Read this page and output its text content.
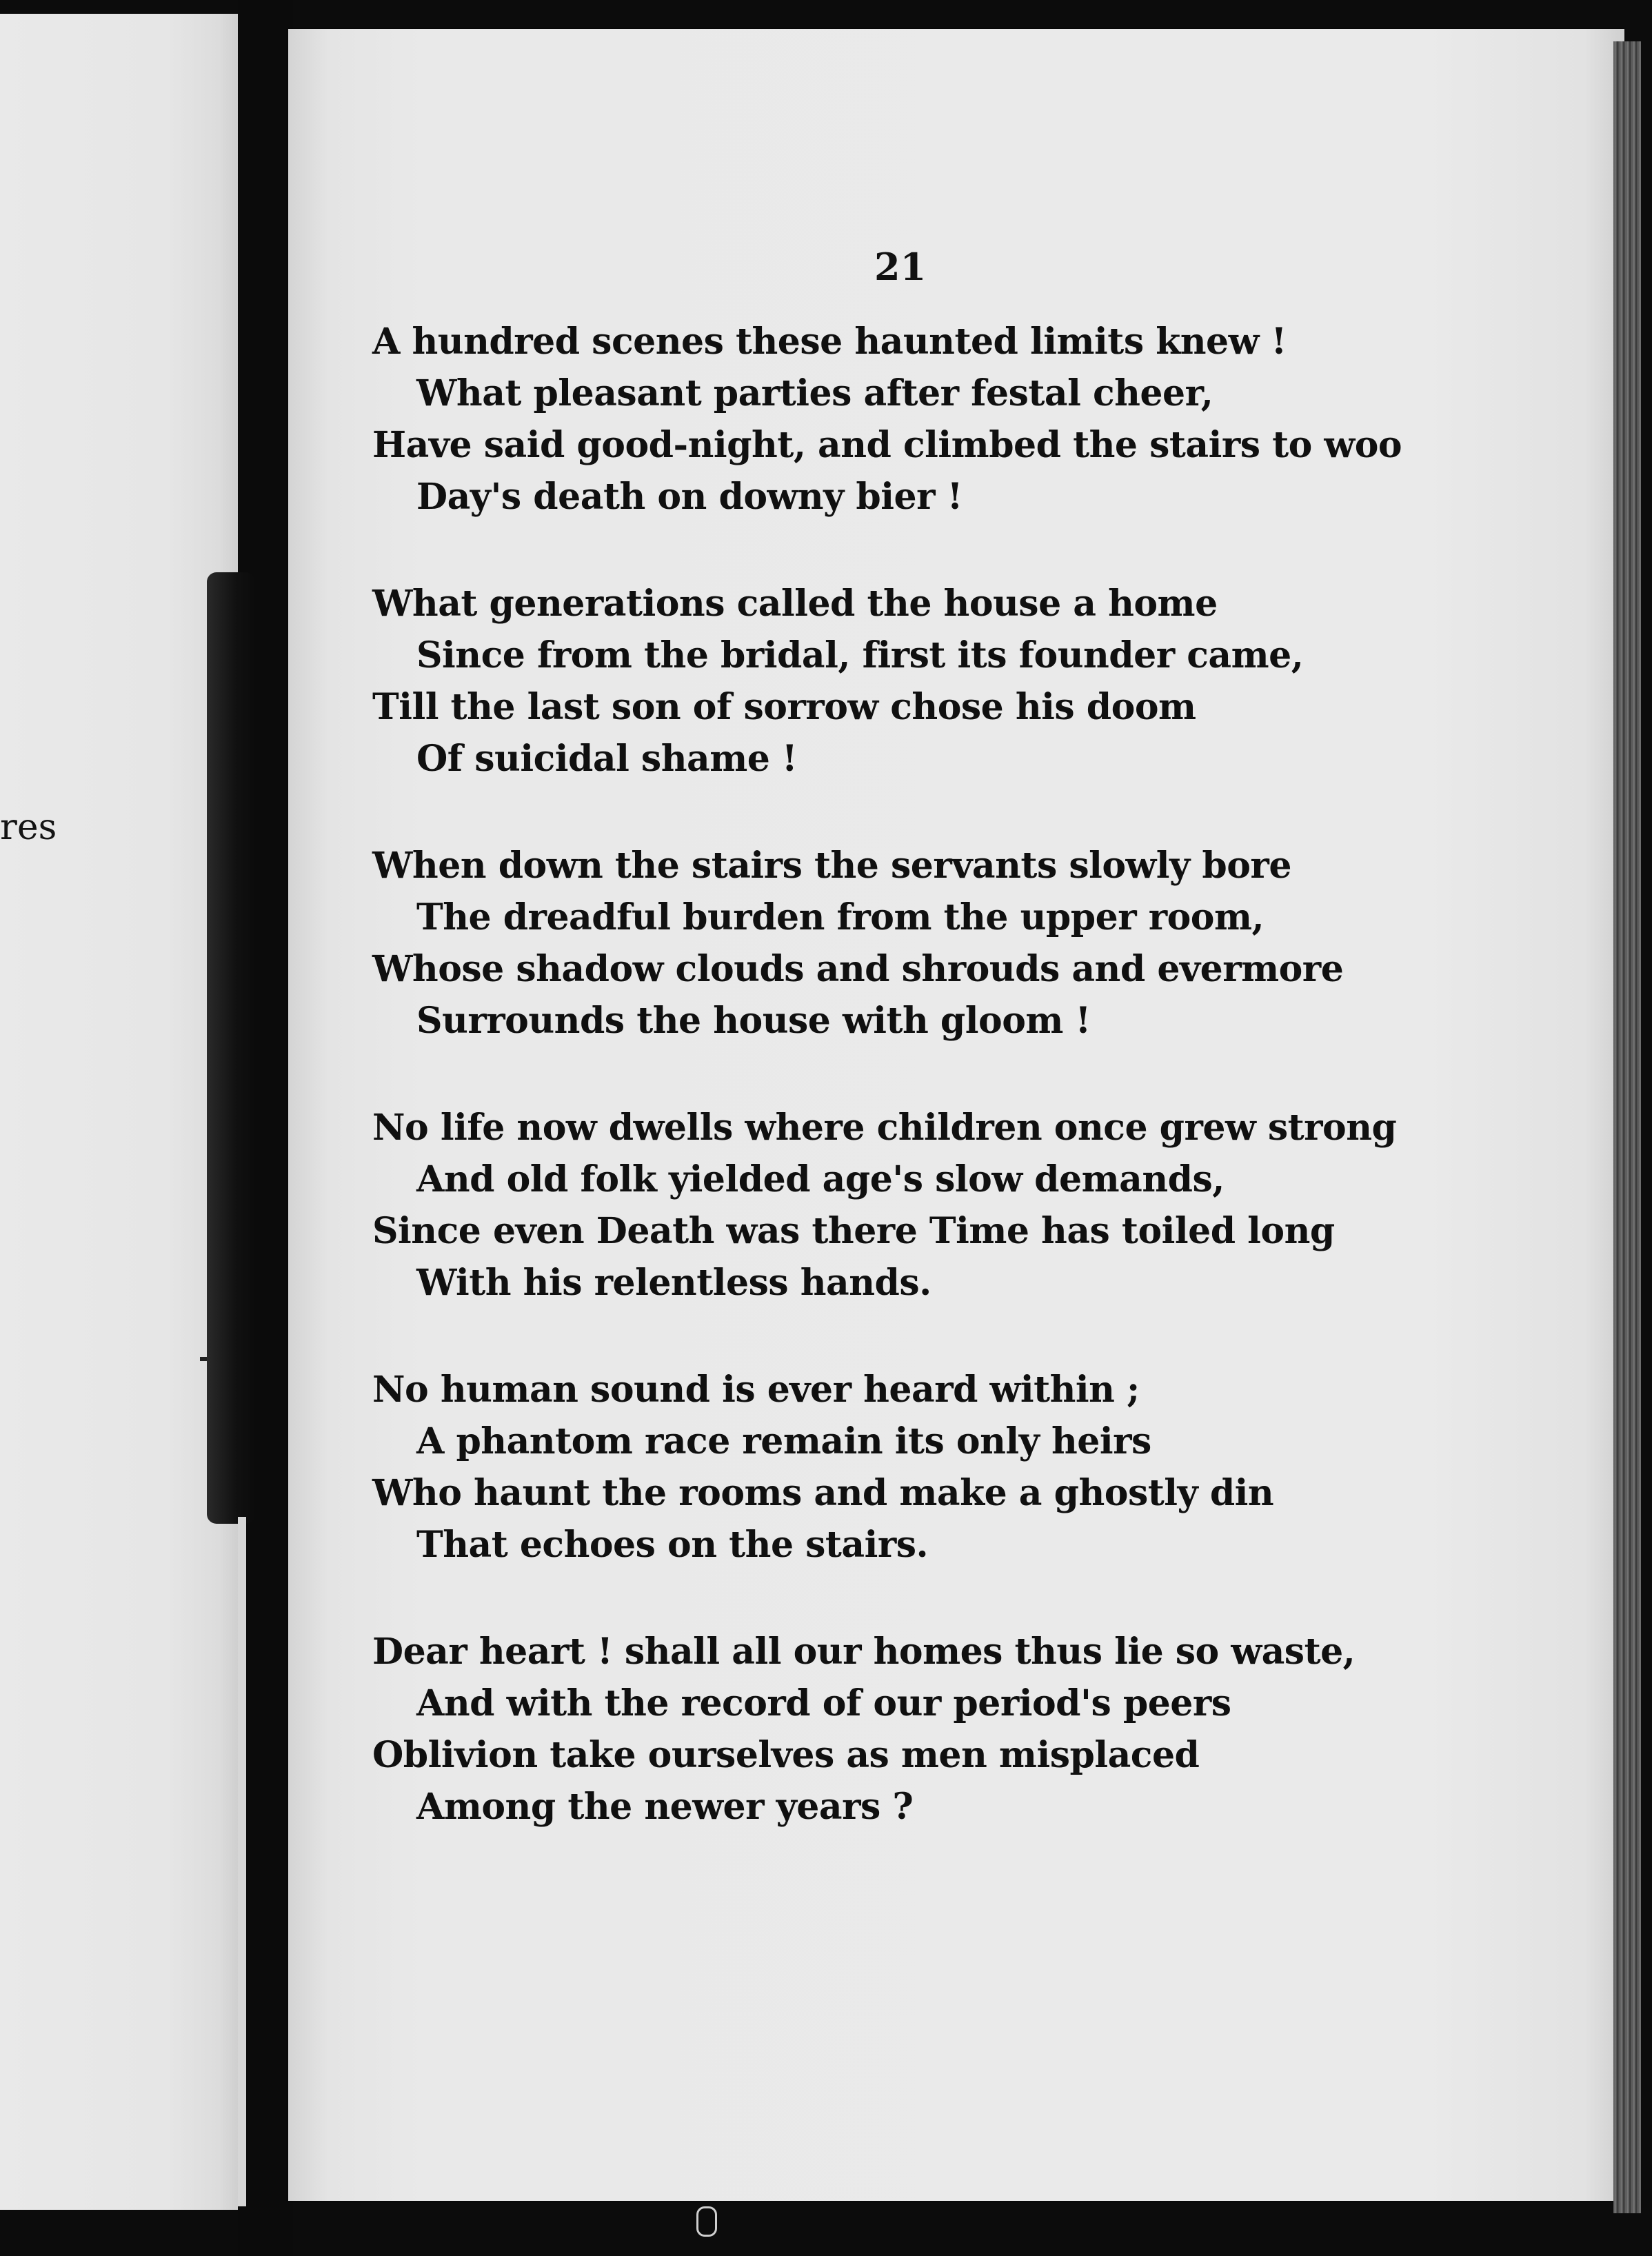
res
21
A hundred scenes these haunted limits knew !
What pleasant parties after festal cheer,
Have said good-night, and climbed the stairs to woo
Day's death on downy bier !
What generations called the house a home
Since from the bridal, first its founder came,
Till the last son of sorrow chose his doom
Of suicidal shame !
When down the stairs the servants slowly bore
The dreadful burden from the upper room,
Whose shadow clouds and shrouds and evermore
Surrounds the house with gloom !
No life now dwells where children once grew strong
And old folk yielded age's slow demands,
Since even Death was there Time has toiled long
With his relentless hands.
No human sound is ever heard within ;
A phantom race remain its only heirs
Who haunt the rooms and make a ghostly din
That echoes on the stairs.
Dear heart ! shall all our homes thus lie so waste,
And with the record of our period's peers
Oblivion take ourselves as men misplaced
Among the newer years ?
